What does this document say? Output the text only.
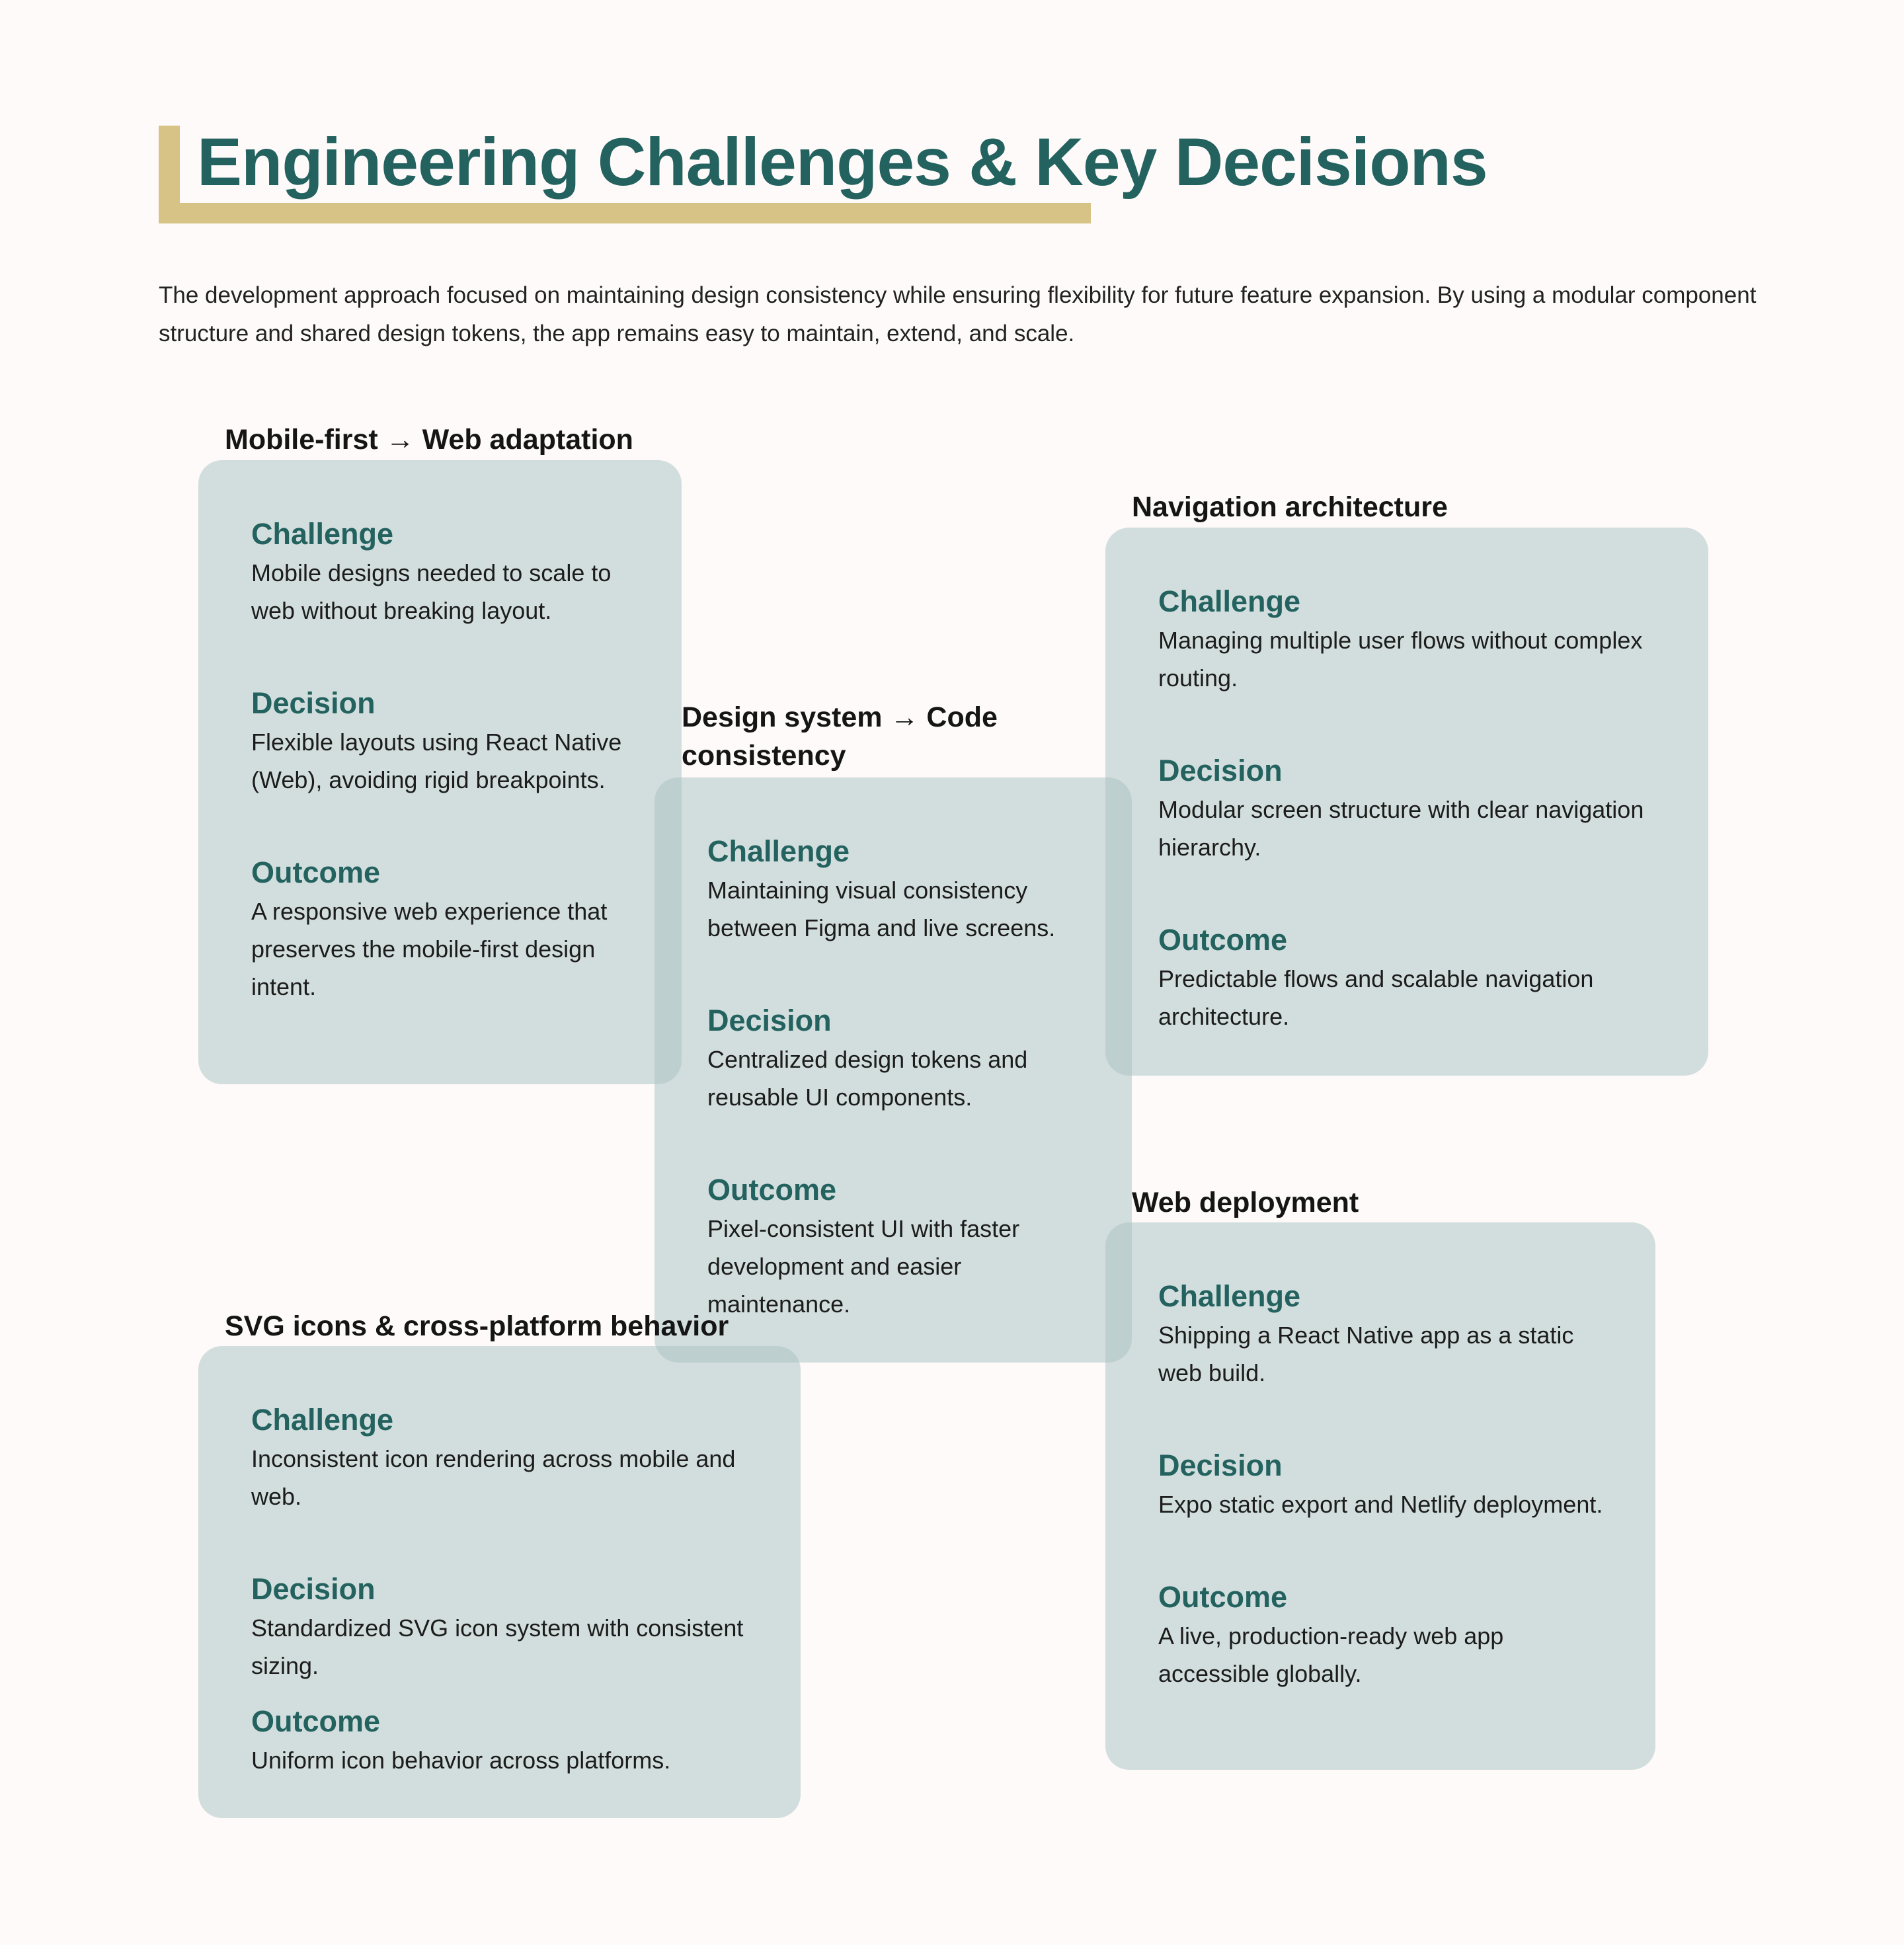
Engineering Challenges & Key Decisions

The development approach focused on maintaining design consistency while ensuring flexibility for future feature expansion. By using a modular component structure and shared design tokens, the app remains easy to maintain, extend, and scale.

Mobile-first → Web adaptation

Challenge

Mobile designs needed to scale to web without breaking layout.

Decision

Flexible layouts using React Native (Web), avoiding rigid breakpoints.

Outcome

A responsive web experience that preserves the mobile-first design intent.

Navigation architecture

Challenge

Managing multiple user flows without complex routing.

Decision

Modular screen structure with clear navigation hierarchy.

Outcome

Predictable flows and scalable navigation architecture.

Design system → Code consistency

Challenge

Maintaining visual consistency between Figma and live screens.

Decision

Centralized design tokens and reusable UI components.

Outcome

Pixel-consistent UI with faster development and easier maintenance.

Web deployment

Challenge

Shipping a React Native app as a static web build.

Decision

Expo static export and Netlify deployment.

Outcome

A live, production-ready web app accessible globally.

SVG icons & cross-platform behavior

Challenge

Inconsistent icon rendering across mobile and web.

Decision

Standardized SVG icon system with consistent sizing.

Outcome

Uniform icon behavior across platforms.
